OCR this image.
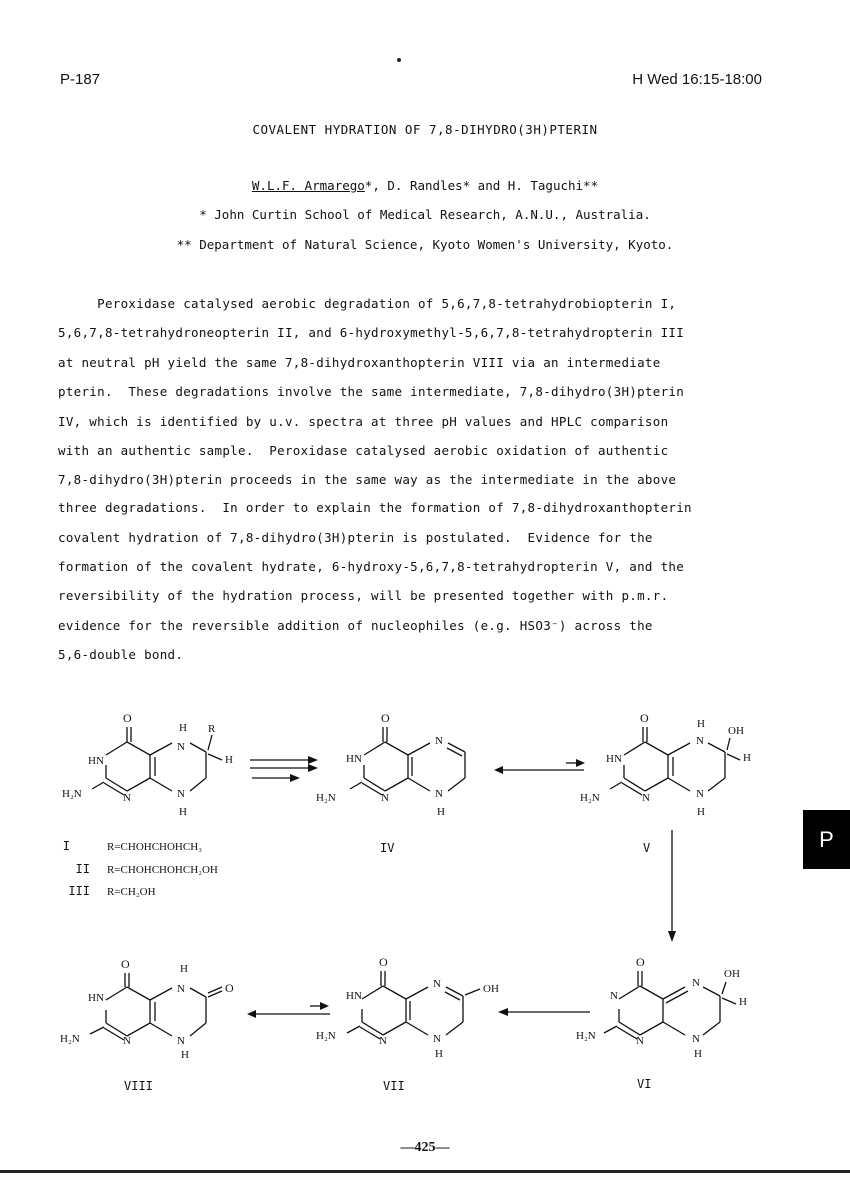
P-187	H Wed 16:15-18:00
COVALENT HYDRATION OF 7,8-DIHYDRO(3H)PTERIN
W.L.F. Armarego*, D. Randles* and H. Taguchi**
* John Curtin School of Medical Research, A.N.U., Australia.
** Department of Natural Science, Kyoto Women's University, Kyoto.
Peroxidase catalysed aerobic degradation of 5,6,7,8-tetrahydrobiopterin I,
5,6,7,8-tetrahydroneopterin II, and 6-hydroxymethyl-5,6,7,8-tetrahydropterin III
at neutral pH yield the same 7,8-dihydroxanthopterin VIII via an intermediate
pterin.  These degradations involve the same intermediate, 7,8-dihydro(3H)pterin
IV, which is identified by u.v. spectra at three pH values and HPLC comparison
with an authentic sample.  Peroxidase catalysed aerobic oxidation of authentic
7,8-dihydro(3H)pterin proceeds in the same way as the intermediate in the above
three degradations.  In order to explain the formation of 7,8-dihydroxanthopterin
covalent hydration of 7,8-dihydro(3H)pterin is postulated.  Evidence for the
formation of the covalent hydrate, 6-hydroxy-5,6,7,8-tetrahydropterin V, and the
reversibility of the hydration process, will be presented together with p.m.r.
evidence for the reversible addition of nucleophiles (e.g. HSO3⁻) across the
5,6-double bond.
O
HN
H₂N	N
N
H R
H
N
H
O
HN
H₂N	N
N
N
H
O
HN
H₂N	N
N
H
OH
H
N
H
IV	V
I	R=CHOHCHOHCH₃
II R=CHOHCHOHCH₂OH
III R=CH₂OH
O
HN
H₂N	N
H
N	O
N
H
O
HN
H₂N	N
N	OH
N
H
O
N
H₂N	N
N
OH
H
N
H
VIII	VII	VI
P
—425—
